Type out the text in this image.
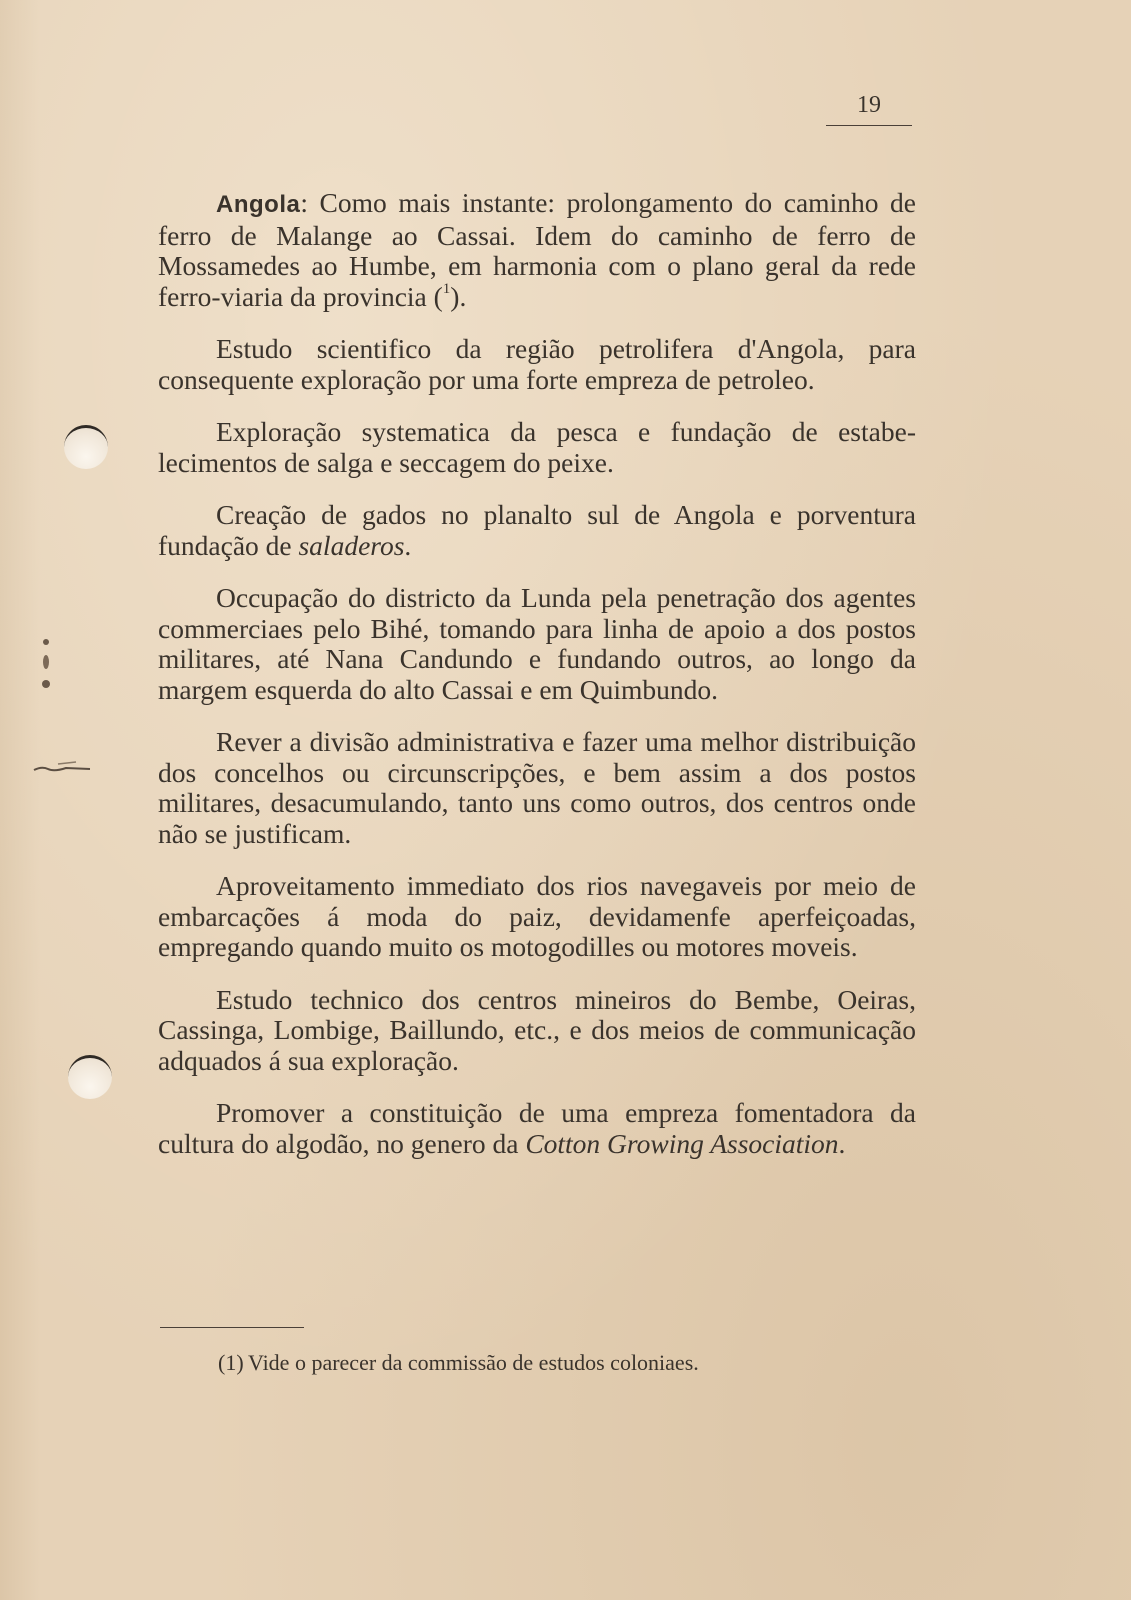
19

Angola: Como mais instante: prolongamento do caminho de ferro de Malange ao Cassai. Idem do caminho de ferro de Mossamedes ao Humbe, em harmonia com o plano geral da rede ferro-viaria da provincia ($^1$).

Estudo scientifico da região petrolifera d'Angola, para consequente exploração por uma forte empreza de petroleo.

Exploração systematica da pesca e fundação de estabelecimentos de salga e seccagem do peixe.

Creação de gados no planalto sul de Angola e porventura fundação de saladeros.

Occupação do districto da Lunda pela penetração dos agentes commerciaes pelo Bihé, tomando para linha de apoio a dos postos militares, até Nana Candundo e fundando outros, ao longo da margem esquerda do alto Cassai e em Quimbundo.

Rever a divisão administrativa e fazer uma melhor distribuição dos concelhos ou circunscripções, e bem assim a dos postos militares, desacumulando, tanto uns como outros, dos centros onde não se justificam.

Aproveitamento immediato dos rios navegaveis por meio de embarcações á moda do paiz, devidamenfe aperfeiçoadas, empregando quando muito os motogodilles ou motores moveis.

Estudo technico dos centros mineiros do Bembe, Oeiras, Cassinga, Lombige, Baillundo, etc., e dos meios de communicação adquados á sua exploração.

Promover a constituição de uma empreza fomentadora da cultura do algodão, no genero da Cotton Growing Association.

(1) Vide o parecer da commissão de estudos coloniaes.
